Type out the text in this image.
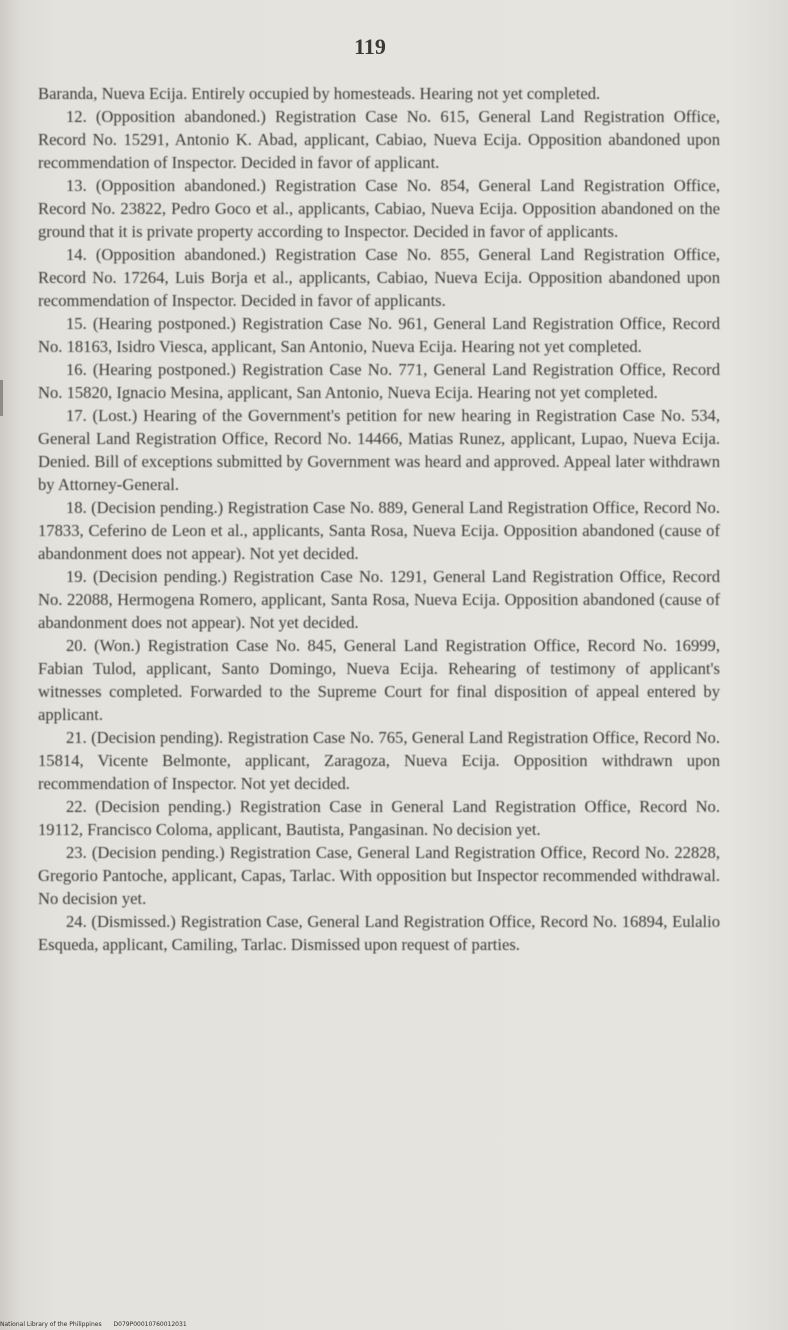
119

Baranda, Nueva Ecija. Entirely occupied by homesteads. Hearing not yet completed.

12. (Opposition abandoned.) Registration Case No. 615, General Land Registration Office, Record No. 15291, Antonio K. Abad, applicant, Cabiao, Nueva Ecija. Opposition abandoned upon recommendation of Inspector. Decided in favor of applicant.

13. (Opposition abandoned.) Registration Case No. 854, General Land Registration Office, Record No. 23822, Pedro Goco et al., applicants, Cabiao, Nueva Ecija. Opposition abandoned on the ground that it is private property according to Inspector. Decided in favor of applicants.

14. (Opposition abandoned.) Registration Case No. 855, General Land Registration Office, Record No. 17264, Luis Borja et al., applicants, Cabiao, Nueva Ecija. Opposition abandoned upon recommendation of Inspector. Decided in favor of applicants.

15. (Hearing postponed.) Registration Case No. 961, General Land Registration Office, Record No. 18163, Isidro Viesca, applicant, San Antonio, Nueva Ecija. Hearing not yet completed.

16. (Hearing postponed.) Registration Case No. 771, General Land Registration Office, Record No. 15820, Ignacio Mesina, applicant, San Antonio, Nueva Ecija. Hearing not yet completed.

17. (Lost.) Hearing of the Government's petition for new hearing in Registration Case No. 534, General Land Registration Office, Record No. 14466, Matias Runez, applicant, Lupao, Nueva Ecija. Denied. Bill of exceptions submitted by Government was heard and approved. Appeal later withdrawn by Attorney-General.

18. (Decision pending.) Registration Case No. 889, General Land Registration Office, Record No. 17833, Ceferino de Leon et al., applicants, Santa Rosa, Nueva Ecija. Opposition abandoned (cause of abandonment does not appear). Not yet decided.

19. (Decision pending.) Registration Case No. 1291, General Land Registration Office, Record No. 22088, Hermogena Romero, applicant, Santa Rosa, Nueva Ecija. Opposition abandoned (cause of abandonment does not appear). Not yet decided.

20. (Won.) Registration Case No. 845, General Land Registration Office, Record No. 16999, Fabian Tulod, applicant, Santo Domingo, Nueva Ecija. Rehearing of testimony of applicant's witnesses completed. Forwarded to the Supreme Court for final disposition of appeal entered by applicant.

21. (Decision pending). Registration Case No. 765, General Land Registration Office, Record No. 15814, Vicente Belmonte, applicant, Zaragoza, Nueva Ecija. Opposition withdrawn upon recommendation of Inspector. Not yet decided.

22. (Decision pending.) Registration Case in General Land Registration Office, Record No. 19112, Francisco Coloma, applicant, Bautista, Pangasinan. No decision yet.

23. (Decision pending.) Registration Case, General Land Registration Office, Record No. 22828, Gregorio Pantoche, applicant, Capas, Tarlac. With opposition but Inspector recommended withdrawal. No decision yet.

24. (Dismissed.) Registration Case, General Land Registration Office, Record No. 16894, Eulalio Esqueda, applicant, Camiling, Tarlac. Dismissed upon request of parties.

National Library of the Philippines D079P00010760012031
